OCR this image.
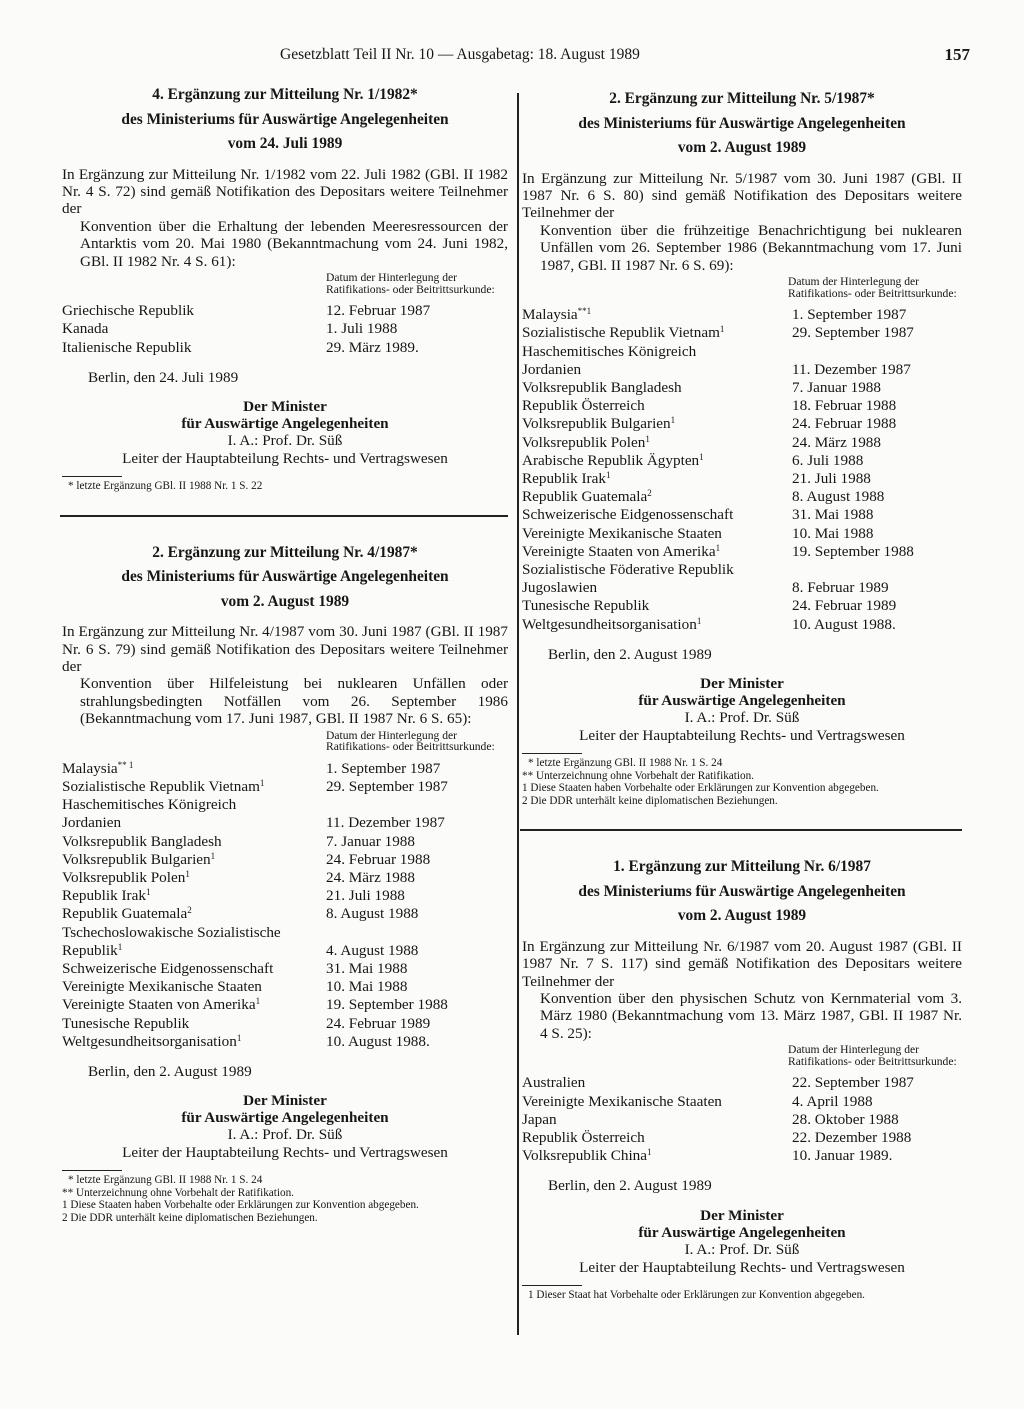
Gesetzblatt Teil II Nr. 10 — Ausgabetag: 18. August 1989	157
4. Ergänzung zur Mitteilung Nr. 1/1982*
des Ministeriums für Auswärtige Angelegenheiten
vom 24. Juli 1989
In Ergänzung zur Mitteilung Nr. 1/1982 vom 22. Juli 1982 (GBl. II 1982 Nr. 4 S. 72) sind gemäß Notifikation des Depositars weitere Teilnehmer der
Konvention über die Erhaltung der lebenden Meeresressourcen der Antarktis vom 20. Mai 1980 (Bekanntmachung vom 24. Juni 1982, GBl. II 1982 Nr. 4 S. 61):
Datum der Hinterlegung der Ratifikations- oder Beitrittsurkunde:
Griechische Republik	12. Februar 1987
Kanada	1. Juli 1988
Italienische Republik	29. März 1989.
Berlin, den 24. Juli 1989
Der Minister
für Auswärtige Angelegenheiten
I. A.: Prof. Dr. Süß
Leiter der Hauptabteilung Rechts- und Vertragswesen
* letzte Ergänzung GBl. II 1988 Nr. 1 S. 22
2. Ergänzung zur Mitteilung Nr. 4/1987*
des Ministeriums für Auswärtige Angelegenheiten
vom 2. August 1989
In Ergänzung zur Mitteilung Nr. 4/1987 vom 30. Juni 1987 (GBl. II 1987 Nr. 6 S. 79) sind gemäß Notifikation des Depositars weitere Teilnehmer der
Konvention über Hilfeleistung bei nuklearen Unfällen oder strahlungsbedingten Notfällen vom 26. September 1986 (Bekanntmachung vom 17. Juni 1987, GBl. II 1987 Nr. 6 S. 65):
Datum der Hinterlegung der Ratifikations- oder Beitrittsurkunde:
Malaysia$^{** 1}$	1. September 1987
Sozialistische Republik Vietnam$^1$	29. September 1987
Haschemitisches Königreich
Jordanien	11. Dezember 1987
Volksrepublik Bangladesh	7. Januar 1988
Volksrepublik Bulgarien$^1$	24. Februar 1988
Volksrepublik Polen$^1$	24. März 1988
Republik Irak$^1$	21. Juli 1988
Republik Guatemala$^2$	8. August 1988
Tschechoslowakische Sozialistische
Republik$^1$	4. August 1988
Schweizerische Eidgenossenschaft	31. Mai 1988
Vereinigte Mexikanische Staaten	10. Mai 1988
Vereinigte Staaten von Amerika$^1$	19. September 1988
Tunesische Republik	24. Februar 1989
Weltgesundheitsorganisation$^1$	10. August 1988.
Berlin, den 2. August 1989
Der Minister
für Auswärtige Angelegenheiten
I. A.: Prof. Dr. Süß
Leiter der Hauptabteilung Rechts- und Vertragswesen
* letzte Ergänzung GBl. II 1988 Nr. 1 S. 24
** Unterzeichnung ohne Vorbehalt der Ratifikation.
1 Diese Staaten haben Vorbehalte oder Erklärungen zur Konvention abgegeben.
2 Die DDR unterhält keine diplomatischen Beziehungen.
2. Ergänzung zur Mitteilung Nr. 5/1987*
des Ministeriums für Auswärtige Angelegenheiten
vom 2. August 1989
In Ergänzung zur Mitteilung Nr. 5/1987 vom 30. Juni 1987 (GBl. II 1987 Nr. 6 S. 80) sind gemäß Notifikation des Depositars weitere Teilnehmer der
Konvention über die frühzeitige Benachrichtigung bei nuklearen Unfällen vom 26. September 1986 (Bekanntmachung vom 17. Juni 1987, GBl. II 1987 Nr. 6 S. 69):
Datum der Hinterlegung der Ratifikations- oder Beitrittsurkunde:
Malaysia$^{**1}$	1. September 1987
Sozialistische Republik Vietnam$^1$	29. September 1987
Haschemitisches Königreich
Jordanien	11. Dezember 1987
Volksrepublik Bangladesh	7. Januar 1988
Republik Österreich	18. Februar 1988
Volksrepublik Bulgarien$^1$	24. Februar 1988
Volksrepublik Polen$^1$	24. März 1988
Arabische Republik Ägypten$^1$	6. Juli 1988
Republik Irak$^1$	21. Juli 1988
Republik Guatemala$^2$	8. August 1988
Schweizerische Eidgenossenschaft	31. Mai 1988
Vereinigte Mexikanische Staaten	10. Mai 1988
Vereinigte Staaten von Amerika$^1$	19. September 1988
Sozialistische Föderative Republik
Jugoslawien	8. Februar 1989
Tunesische Republik	24. Februar 1989
Weltgesundheitsorganisation$^1$	10. August 1988.
Berlin, den 2. August 1989
Der Minister
für Auswärtige Angelegenheiten
I. A.: Prof. Dr. Süß
Leiter der Hauptabteilung Rechts- und Vertragswesen
* letzte Ergänzung GBl. II 1988 Nr. 1 S. 24
** Unterzeichnung ohne Vorbehalt der Ratifikation.
1 Diese Staaten haben Vorbehalte oder Erklärungen zur Konvention abgegeben.
2 Die DDR unterhält keine diplomatischen Beziehungen.
1. Ergänzung zur Mitteilung Nr. 6/1987
des Ministeriums für Auswärtige Angelegenheiten
vom 2. August 1989
In Ergänzung zur Mitteilung Nr. 6/1987 vom 20. August 1987 (GBl. II 1987 Nr. 7 S. 117) sind gemäß Notifikation des Depositars weitere Teilnehmer der
Konvention über den physischen Schutz von Kernmaterial vom 3. März 1980 (Bekanntmachung vom 13. März 1987, GBl. II 1987 Nr. 4 S. 25):
Datum der Hinterlegung der Ratifikations- oder Beitrittsurkunde:
Australien	22. September 1987
Vereinigte Mexikanische Staaten	4. April 1988
Japan	28. Oktober 1988
Republik Österreich	22. Dezember 1988
Volksrepublik China$^1$	10. Januar 1989.
Berlin, den 2. August 1989
Der Minister
für Auswärtige Angelegenheiten
I. A.: Prof. Dr. Süß
Leiter der Hauptabteilung Rechts- und Vertragswesen
1 Dieser Staat hat Vorbehalte oder Erklärungen zur Konvention abgegeben.
